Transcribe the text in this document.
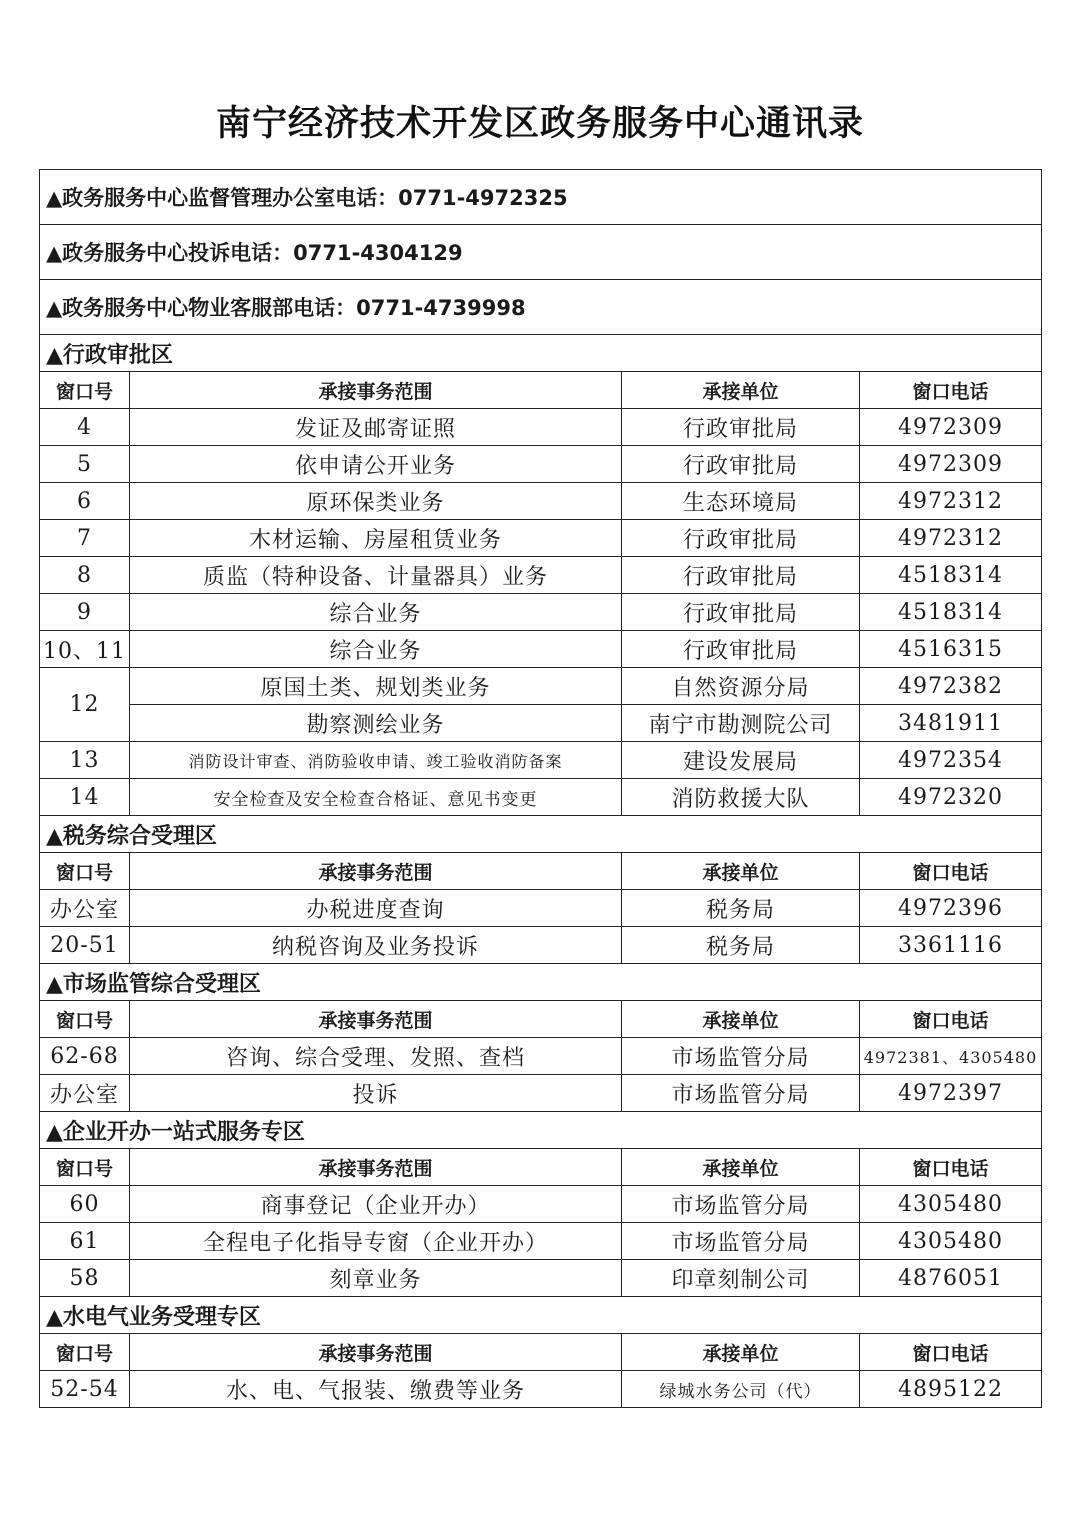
南宁经济技术开发区政务服务中心通讯录
▲政务服务中心监督管理办公室电话：0771-4972325			
▲政务服务中心投诉电话：0771-4304129			
▲政务服务中心物业客服部电话：0771-4739998			
▲行政审批区			
窗口号	承接事务范围	承接单位	窗口电话
4	发证及邮寄证照	行政审批局	4972309
5	依申请公开业务	行政审批局	4972309
6	原环保类业务	生态环境局	4972312
7	木材运输、房屋租赁业务	行政审批局	4972312
8	质监（特种设备、计量器具）业务	行政审批局	4518314
9	综合业务	行政审批局	4518314
10、11	综合业务	行政审批局	4516315
12	原国土类、规划类业务	自然资源分局	4972382
	勘察测绘业务	南宁市勘测院公司	3481911
13	消防设计审查、消防验收申请、竣工验收消防备案	建设发展局	4972354
14	安全检查及安全检查合格证、意见书变更	消防救援大队	4972320
▲税务综合受理区			
窗口号	承接事务范围	承接单位	窗口电话
办公室	办税进度查询	税务局	4972396
20-51	纳税咨询及业务投诉	税务局	3361116
▲市场监管综合受理区			
窗口号	承接事务范围	承接单位	窗口电话
62-68	咨询、综合受理、发照、查档	市场监管分局	4972381、4305480
办公室	投诉	市场监管分局	4972397
▲企业开办一站式服务专区			
窗口号	承接事务范围	承接单位	窗口电话
60	商事登记（企业开办）	市场监管分局	4305480
61	全程电子化指导专窗（企业开办）	市场监管分局	4305480
58	刻章业务	印章刻制公司	4876051
▲水电气业务受理专区			
窗口号	承接事务范围	承接单位	窗口电话
52-54	水、电、气报装、缴费等业务	绿城水务公司（代）	4895122
